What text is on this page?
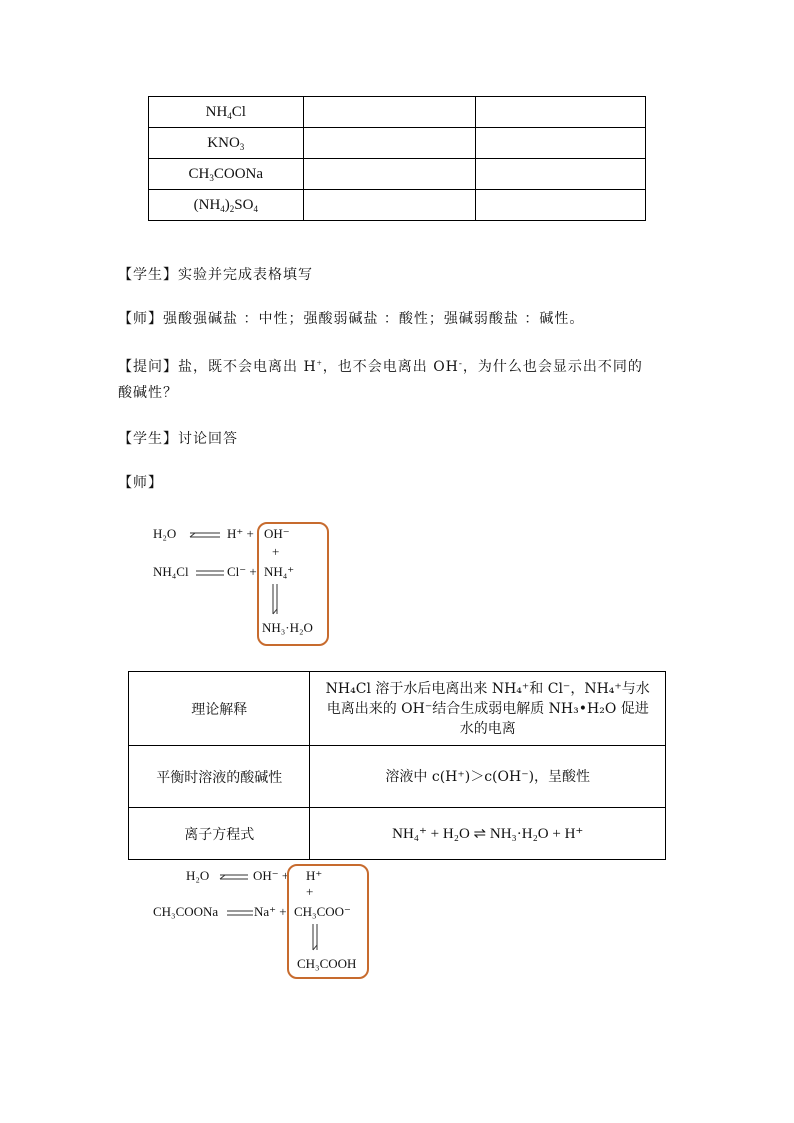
$NH_4Cl$		
$KNO_3$		
$CH_3COONa$		
$(NH_4)_2SO_4$		
【学生】实验并完成表格填写
【师】强酸强碱盐 ：中性；强酸弱碱盐 ：酸性；强碱弱酸盐 ：碱性。
【提问】盐，既不会电离出 H+，也不会电离出 OH-，为什么也会显示出不同的
酸碱性？
【学生】讨论回答
【师】
H₂O	H⁺ + OH⁻
+
NH₄Cl	Cl⁻ + NH₄⁺
NH₃·H₂O
理论解释	NH₄Cl 溶于水后电离出来 NH₄⁺和 Cl⁻，NH₄⁺与水
电离出来的 OH⁻结合生成弱电解质 NH₃•H₂O 促进
水的电离
平衡时溶液的酸碱性	溶液中 c(H⁺)＞c(OH⁻)，呈酸性
离子方程式	NH₄⁺ + H₂O ⇌ NH₃·H₂O + H⁺
H₂O	OH⁻ + H⁺
+
CH₃COONa	Na⁺ + CH₃COO⁻
CH₃COOH
